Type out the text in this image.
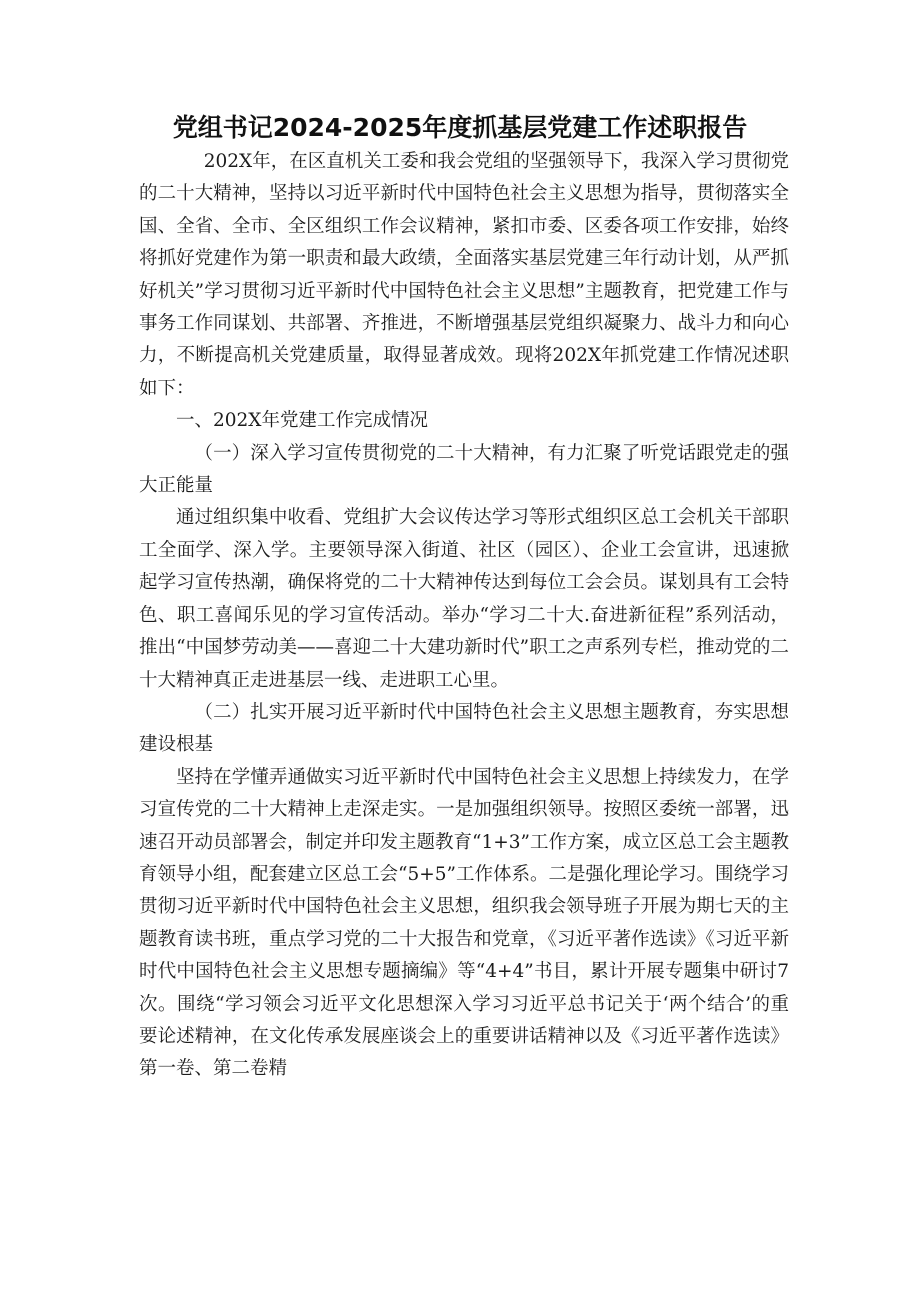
党组书记2024-2025年度抓基层党建工作述职报告

202X年，在区直机关工委和我会党组的坚强领导下，我深入学习贯彻党的二十大精神，坚持以习近平新时代中国特色社会主义思想为指导，贯彻落实全国、全省、全市、全区组织工作会议精神，紧扣市委、区委各项工作安排，始终将抓好党建作为第一职责和最大政绩，全面落实基层党建三年行动计划，从严抓好机关”学习贯彻习近平新时代中国特色社会主义思想”主题教育，把党建工作与事务工作同谋划、共部署、齐推进，不断增强基层党组织凝聚力、战斗力和向心力，不断提高机关党建质量，取得显著成效。现将202X年抓党建工作情况述职如下：

一、202X年党建工作完成情况

（一）深入学习宣传贯彻党的二十大精神，有力汇聚了听党话跟党走的强大正能量

通过组织集中收看、党组扩大会议传达学习等形式组织区总工会机关干部职工全面学、深入学。主要领导深入街道、社区（园区）、企业工会宣讲，迅速掀起学习宣传热潮，确保将党的二十大精神传达到每位工会会员。谋划具有工会特色、职工喜闻乐见的学习宣传活动。举办“学习二十大.奋进新征程”系列活动，推出“中国梦劳动美——喜迎二十大建功新时代”职工之声系列专栏，推动党的二十大精神真正走进基层一线、走进职工心里。

（二）扎实开展习近平新时代中国特色社会主义思想主题教育，夯实思想建设根基

坚持在学懂弄通做实习近平新时代中国特色社会主义思想上持续发力，在学习宣传党的二十大精神上走深走实。一是加强组织领导。按照区委统一部署，迅速召开动员部署会，制定并印发主题教育“1+3”工作方案，成立区总工会主题教育领导小组，配套建立区总工会“5+5”工作体系。二是强化理论学习。围绕学习贯彻习近平新时代中国特色社会主义思想，组织我会领导班子开展为期七天的主题教育读书班，重点学习党的二十大报告和党章，《习近平著作选读》《习近平新时代中国特色社会主义思想专题摘编》等“4+4”书目，累计开展专题集中研讨7次。围绕“学习领会习近平文化思想深入学习习近平总书记关于‘两个结合’的重要论述精神，在文化传承发展座谈会上的重要讲话精神以及《习近平著作选读》第一卷、第二卷精
